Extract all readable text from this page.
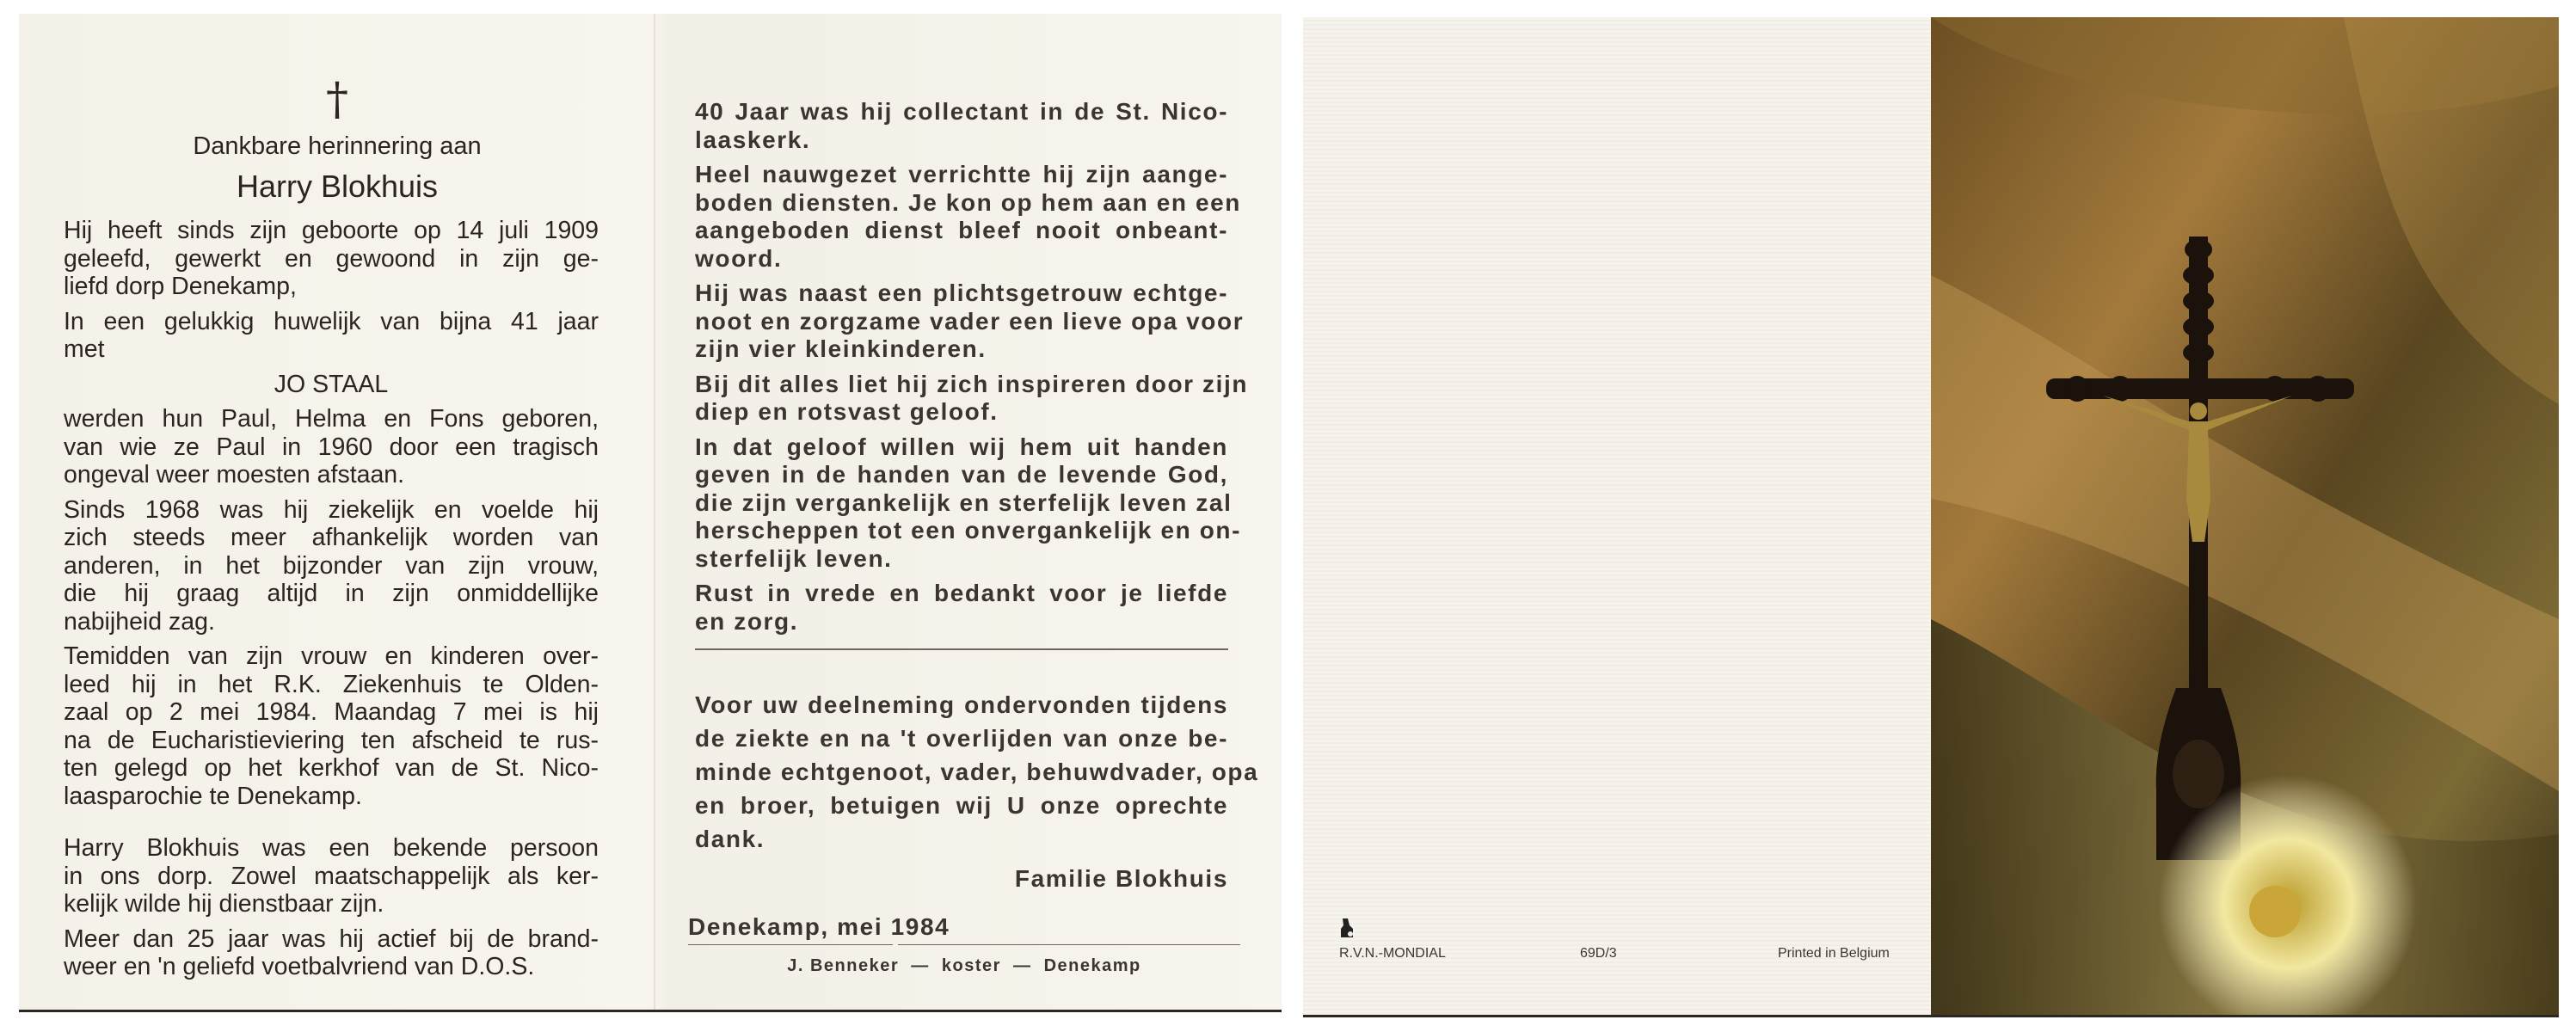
†
Dankbare herinnering aan
Harry Blokhuis
Hij heeft sinds zijn geboorte op 14 juli 1909
geleefd, gewerkt en gewoond in zijn ge-
liefd dorp Denekamp,
In een gelukkig huwelijk van bijna 41 jaar
met
JO STAAL
werden hun Paul, Helma en Fons geboren,
van wie ze Paul in 1960 door een tragisch
ongeval weer moesten afstaan.
Sinds 1968 was hij ziekelijk en voelde hij
zich steeds meer afhankelijk worden van
anderen, in het bijzonder van zijn vrouw,
die hij graag altijd in zijn onmiddellijke
nabijheid zag.
Temidden van zijn vrouw en kinderen over-
leed hij in het R.K. Ziekenhuis te Olden-
zaal op 2 mei 1984. Maandag 7 mei is hij
na de Eucharistieviering ten afscheid te rus-
ten gelegd op het kerkhof van de St. Nico-
laasparochie te Denekamp.
Harry Blokhuis was een bekende persoon
in ons dorp. Zowel maatschappelijk als ker-
kelijk wilde hij dienstbaar zijn.
Meer dan 25 jaar was hij actief bij de brand-
weer en 'n geliefd voetbalvriend van D.O.S.
40 Jaar was hij collectant in de St. Nico-
laaskerk.
Heel nauwgezet verrichtte hij zijn aange-
boden diensten. Je kon op hem aan en een
aangeboden dienst bleef nooit onbeant-
woord.
Hij was naast een plichtsgetrouw echtge-
noot en zorgzame vader een lieve opa voor
zijn vier kleinkinderen.
Bij dit alles liet hij zich inspireren door zijn
diep en rotsvast geloof.
In dat geloof willen wij hem uit handen
geven in de handen van de levende God,
die zijn vergankelijk en sterfelijk leven zal
herscheppen tot een onvergankelijk en on-
sterfelijk leven.
Rust in vrede en bedankt voor je liefde
en zorg.
Voor uw deelneming ondervonden tijdens
de ziekte en na 't overlijden van onze be-
minde echtgenoot, vader, behuwdvader, opa
en broer, betuigen wij U onze oprechte
dank.
Familie Blokhuis
Denekamp, mei 1984
J. Benneker  —  koster  —  Denekamp
R.V.N.-MONDIAL	69D/3	Printed in Belgium
